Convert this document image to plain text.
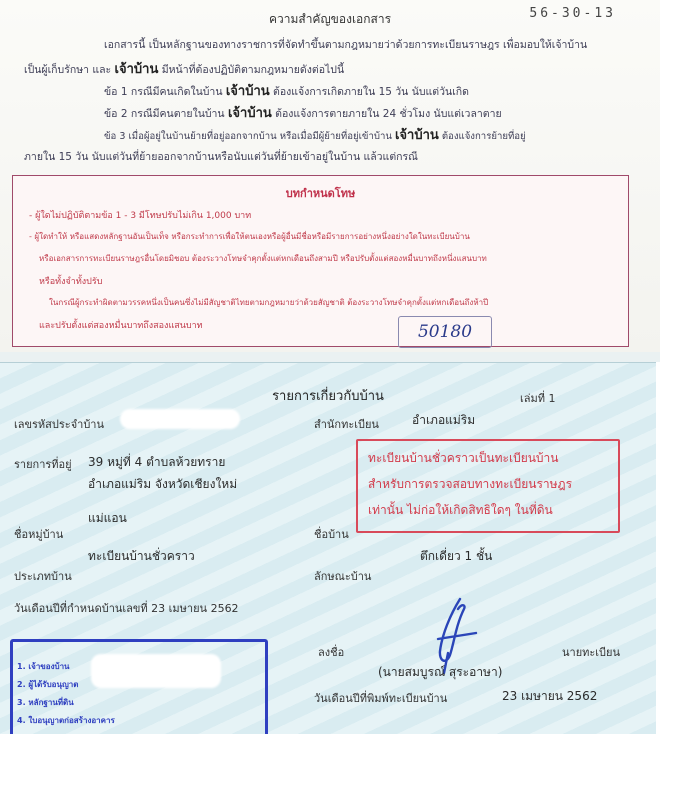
56-30-13
ความสำคัญของเอกสาร
เอกสารนี้ เป็นหลักฐานของทางราชการที่จัดทำขึ้นตามกฎหมายว่าด้วยการทะเบียนราษฎร เพื่อมอบให้เจ้าบ้าน
เป็นผู้เก็บรักษา และ เจ้าบ้าน มีหน้าที่ต้องปฏิบัติตามกฎหมายดังต่อไปนี้
ข้อ 1 กรณีมีคนเกิดในบ้าน เจ้าบ้าน ต้องแจ้งการเกิดภายใน 15 วัน นับแต่วันเกิด
ข้อ 2 กรณีมีคนตายในบ้าน เจ้าบ้าน ต้องแจ้งการตายภายใน 24 ชั่วโมง นับแต่เวลาตาย
ข้อ 3 เมื่อผู้อยู่ในบ้านย้ายที่อยู่ออกจากบ้าน หรือเมื่อมีผู้ย้ายที่อยู่เข้าบ้าน เจ้าบ้าน ต้องแจ้งการย้ายที่อยู่
ภายใน 15 วัน นับแต่วันที่ย้ายออกจากบ้านหรือนับแต่วันที่ย้ายเข้าอยู่ในบ้าน แล้วแต่กรณี
บทกำหนดโทษ
- ผู้ใดไม่ปฏิบัติตามข้อ 1 - 3 มีโทษปรับไม่เกิน 1,000 บาท
- ผู้ใดทำให้ หรือแสดงหลักฐานอันเป็นเท็จ หรือกระทำการเพื่อให้ตนเองหรือผู้อื่นมีชื่อหรือมีรายการอย่างหนึ่งอย่างใดในทะเบียนบ้าน
หรือเอกสารการทะเบียนราษฎรอื่นโดยมิชอบ ต้องระวางโทษจำคุกตั้งแต่หกเดือนถึงสามปี หรือปรับตั้งแต่สองหมื่นบาทถึงหนึ่งแสนบาท
หรือทั้งจำทั้งปรับ
ในกรณีผู้กระทำผิดตามวรรคหนึ่งเป็นคนซึ่งไม่มีสัญชาติไทยตามกฎหมายว่าด้วยสัญชาติ ต้องระวางโทษจำคุกตั้งแต่หกเดือนถึงห้าปี
และปรับตั้งแต่สองหมื่นบาทถึงสองแสนบาท	50180
รายการเกี่ยวกับบ้าน	เล่มที่ 1
เลขรหัสประจำบ้าน	สำนักทะเบียน	อำเภอแม่ริม
รายการที่อยู่ 39 หมู่ที่ 4 ตำบลห้วยทราย
อำเภอแม่ริม จังหวัดเชียงใหม่
ทะเบียนบ้านชั่วคราวเป็นทะเบียนบ้าน
สำหรับการตรวจสอบทางทะเบียนราษฎร
เท่านั้น ไม่ก่อให้เกิดสิทธิใดๆ ในที่ดิน
แม่แอน
ชื่อหมู่บ้าน	ชื่อบ้าน
ทะเบียนบ้านชั่วคราว	ตึกเดี่ยว 1 ชั้น
ประเภทบ้าน	ลักษณะบ้าน
วันเดือนปีที่กำหนดบ้านเลขที่ 23 เมษายน 2562
ลงชื่อ	นายทะเบียน
(นายสมบูรณ์ สุระอาษา)
วันเดือนปีที่พิมพ์ทะเบียนบ้าน	23 เมษายน 2562
1. เจ้าของบ้าน
2. ผู้ได้รับอนุญาต
3. หลักฐานที่ดิน
4. ใบอนุญาตก่อสร้างอาคาร
